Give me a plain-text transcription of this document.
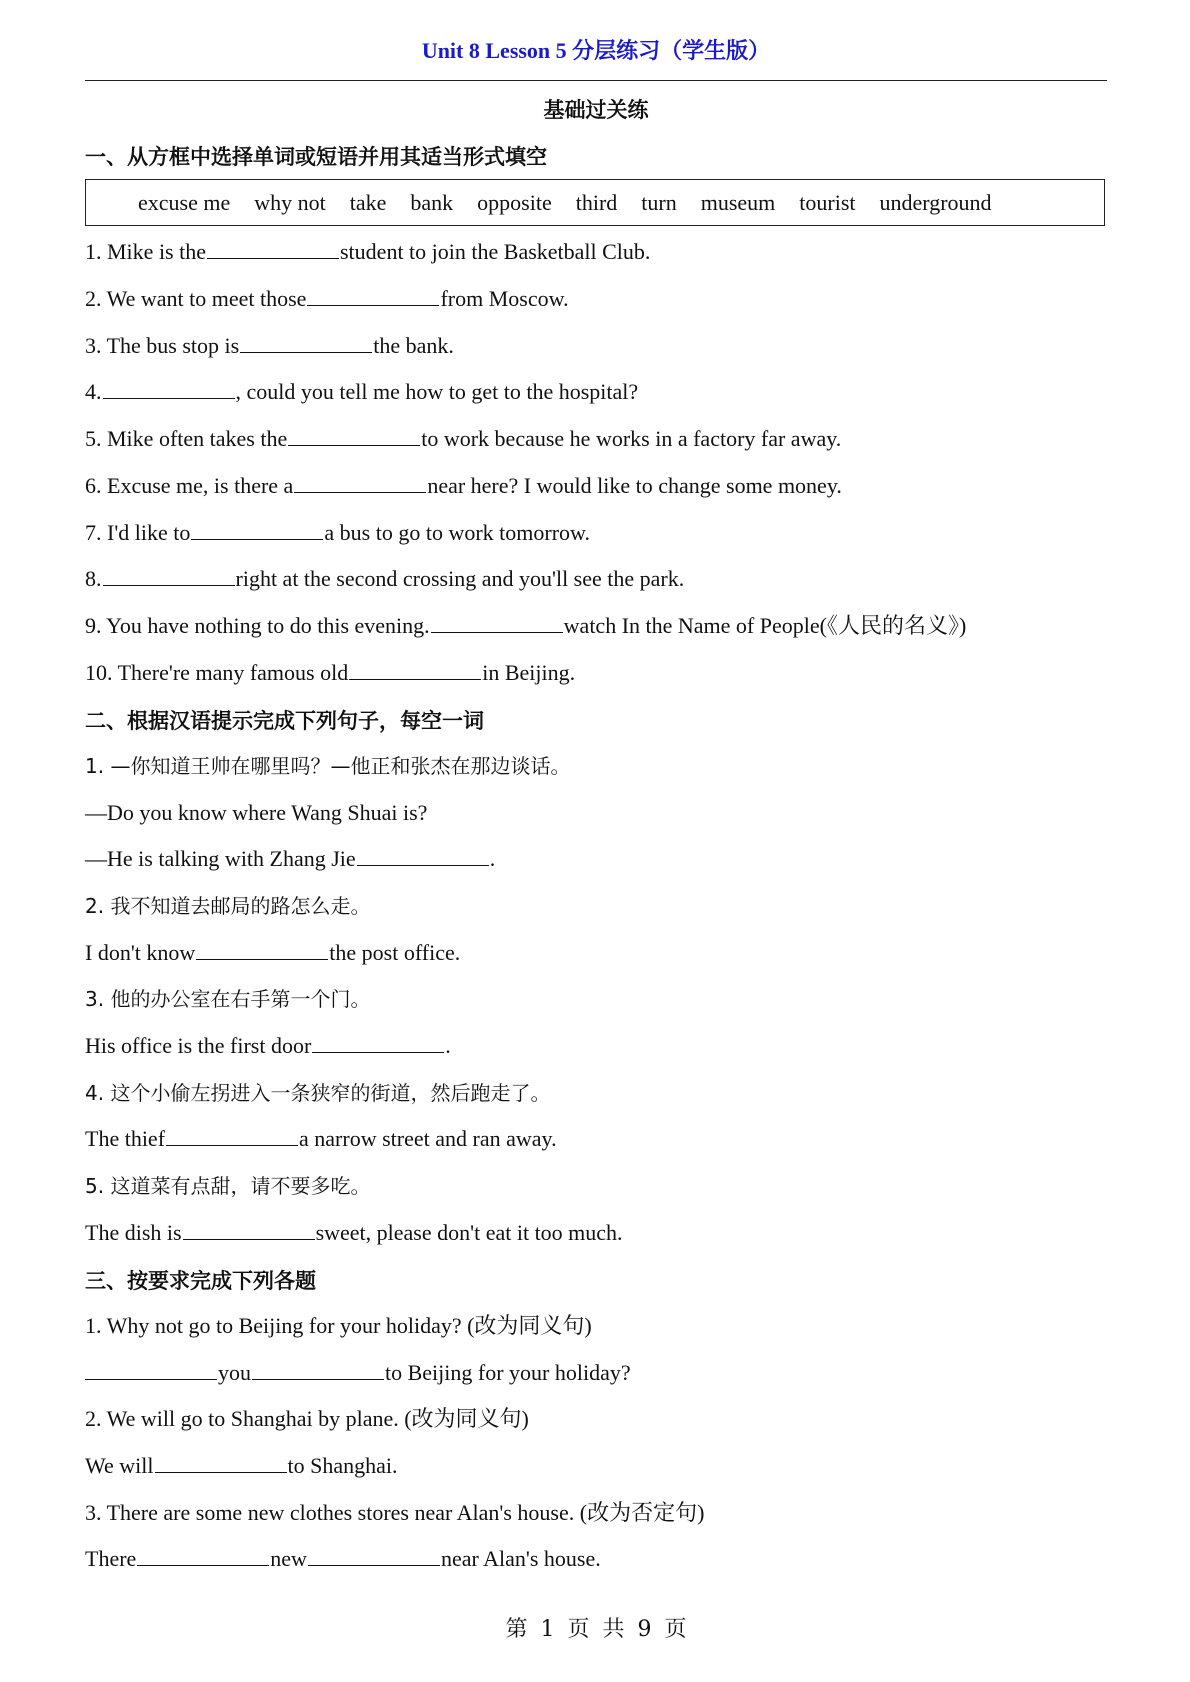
Unit 8 Lesson 5 分层练习（学生版）
基础过关练
一、从方框中选择单词或短语并用其适当形式填空
excuse me why not take bank opposite third turn museum tourist underground
1. Mike is the	student to join the Basketball Club.
2. We want to meet those	from Moscow.
3. The bus stop is	the bank.
4.	, could you tell me how to get to the hospital?
5. Mike often takes the	to work because he works in a factory far away.
6. Excuse me, is there a	near here? I would like to change some money.
7. I'd like to	a bus to go to work tomorrow.
8.	right at the second crossing and you'll see the park.
9. You have nothing to do this evening.	watch In the Name of People(《人民的名义》)
10. There're many famous old	in Beijing.
二、根据汉语提示完成下列句子，每空一词
1. —你知道王帅在哪里吗？—他正和张杰在那边谈话。
—Do you know where Wang Shuai is?
—He is talking with Zhang Jie	.
2. 我不知道去邮局的路怎么走。
I don't know	the post office.
3. 他的办公室在右手第一个门。
His office is the first door	.
4. 这个小偷左拐进入一条狭窄的街道，然后跑走了。
The thief	a narrow street and ran away.
5. 这道菜有点甜，请不要多吃。
The dish is	sweet, please don't eat it too much.
三、按要求完成下列各题
1. Why not go to Beijing for your holiday? (改为同义句)
you	to Beijing for your holiday?
2. We will go to Shanghai by plane. (改为同义句)
We will	to Shanghai.
3. There are some new clothes stores near Alan's house. (改为否定句)
There	new	near Alan's house.
第 1 页 共 9 页
